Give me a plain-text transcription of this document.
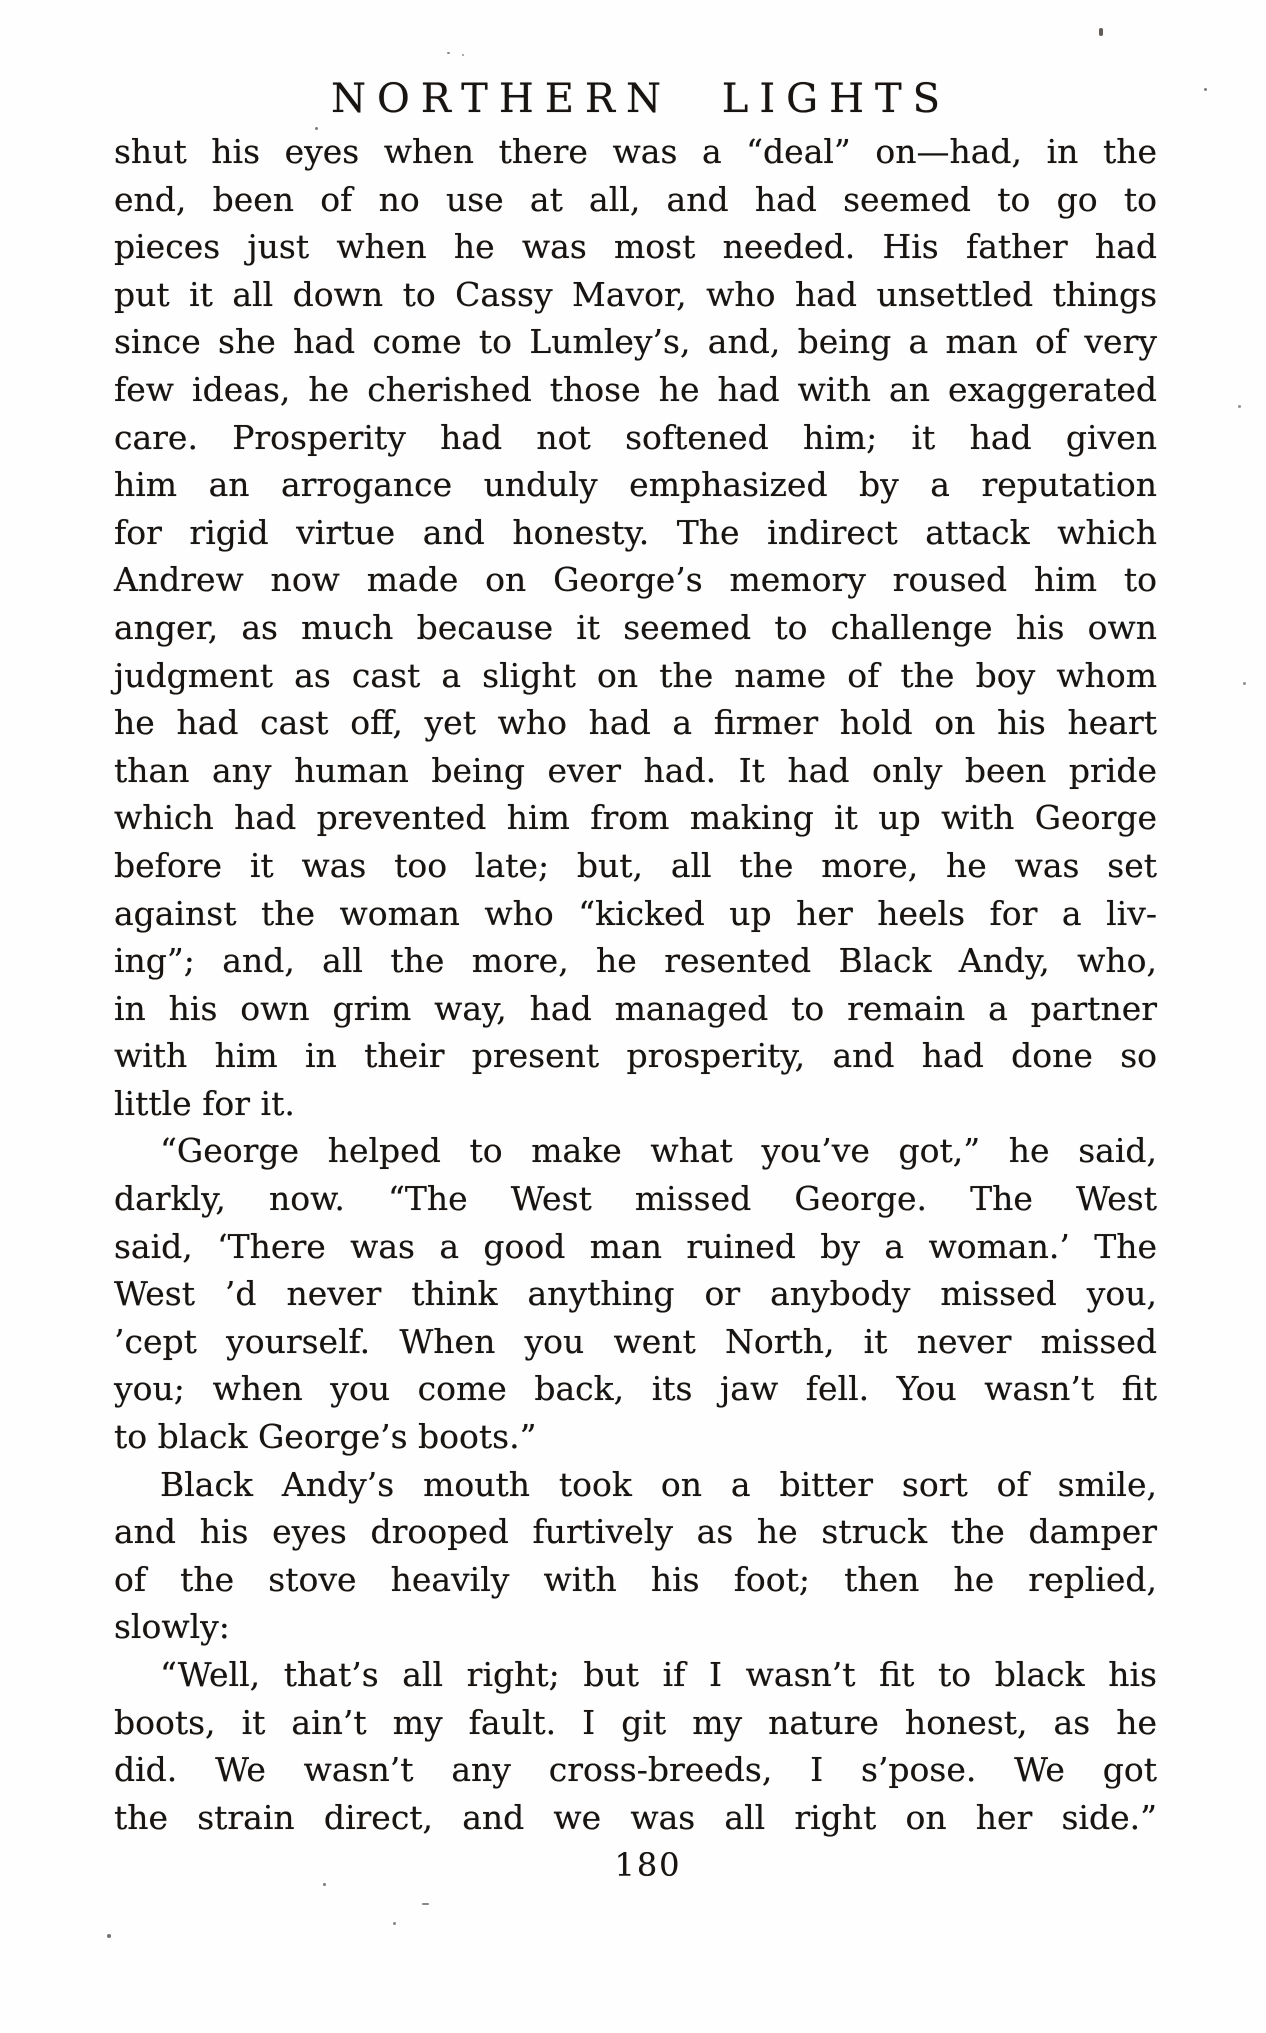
NORTHERN LIGHTS
shut his eyes when there was a “deal” on—had, in the
end, been of no use at all, and had seemed to go to
pieces just when he was most needed. His father had
put it all down to Cassy Mavor, who had unsettled things
since she had come to Lumley’s, and, being a man of very
few ideas, he cherished those he had with an exaggerated
care. Prosperity had not softened him; it had given
him an arrogance unduly emphasized by a reputation
for rigid virtue and honesty. The indirect attack which
Andrew now made on George’s memory roused him to
anger, as much because it seemed to challenge his own
judgment as cast a slight on the name of the boy whom
he had cast off, yet who had a firmer hold on his heart
than any human being ever had. It had only been pride
which had prevented him from making it up with George
before it was too late; but, all the more, he was set
against the woman who “kicked up her heels for a liv-
ing”; and, all the more, he resented Black Andy, who,
in his own grim way, had managed to remain a partner
with him in their present prosperity, and had done so
little for it.
“George helped to make what you’ve got,” he said,
darkly, now. “The West missed George. The West
said, ‘There was a good man ruined by a woman.’ The
West ’d never think anything or anybody missed you,
’cept yourself. When you went North, it never missed
you; when you come back, its jaw fell. You wasn’t fit
to black George’s boots.”
Black Andy’s mouth took on a bitter sort of smile,
and his eyes drooped furtively as he struck the damper
of the stove heavily with his foot; then he replied,
slowly:
“Well, that’s all right; but if I wasn’t fit to black his
boots, it ain’t my fault. I git my nature honest, as he
did. We wasn’t any cross-breeds, I s’pose. We got
the strain direct, and we was all right on her side.”
180
